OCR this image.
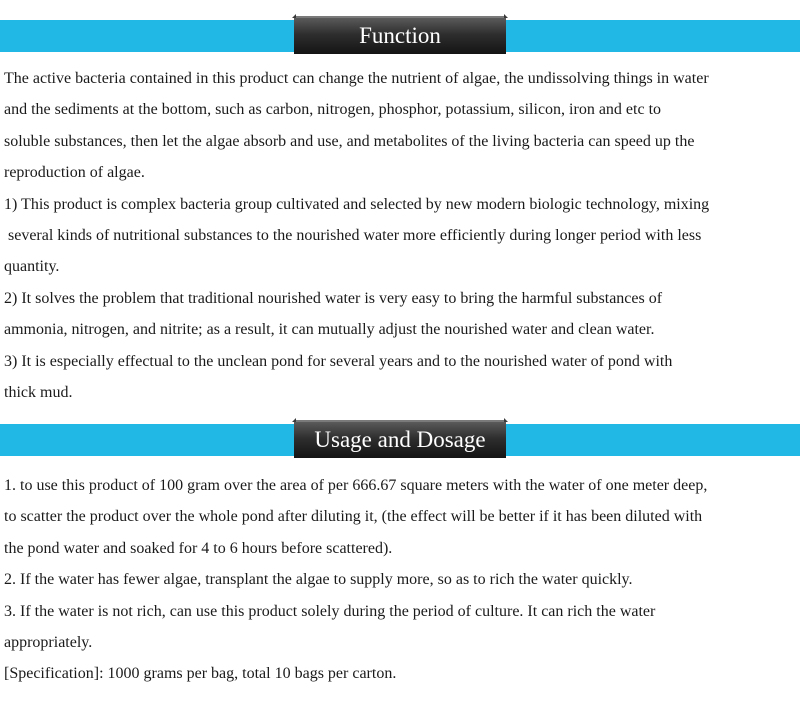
Function

The active bacteria contained in this product can change the nutrient of algae, the undissolving things in water

and the sediments at the bottom, such as carbon, nitrogen, phosphor, potassium, silicon, iron and etc to

soluble substances, then let the algae absorb and use, and metabolites of the living bacteria can speed up the

reproduction of algae.

1) This product is complex bacteria group cultivated and selected by new modern biologic technology, mixing

several kinds of nutritional substances to the nourished water more efficiently during longer period with less

quantity.

2) It solves the problem that traditional nourished water is very easy to bring the harmful substances of

ammonia, nitrogen, and nitrite; as a result, it can mutually adjust the nourished water and clean water.

3) It is especially effectual to the unclean pond for several years and to the nourished water of pond with

thick mud.

Usage and Dosage

1. to use this product of 100 gram over the area of per 666.67 square meters with the water of one meter deep,

to scatter the product over the whole pond after diluting it, (the effect will be better if it has been diluted with

the pond water and soaked for 4 to 6 hours before scattered).

2. If the water has fewer algae, transplant the algae to supply more, so as to rich the water quickly.

3. If the water is not rich, can use this product solely during the period of culture. It can rich the water

appropriately.

[Specification]: 1000 grams per bag, total 10 bags per carton.
